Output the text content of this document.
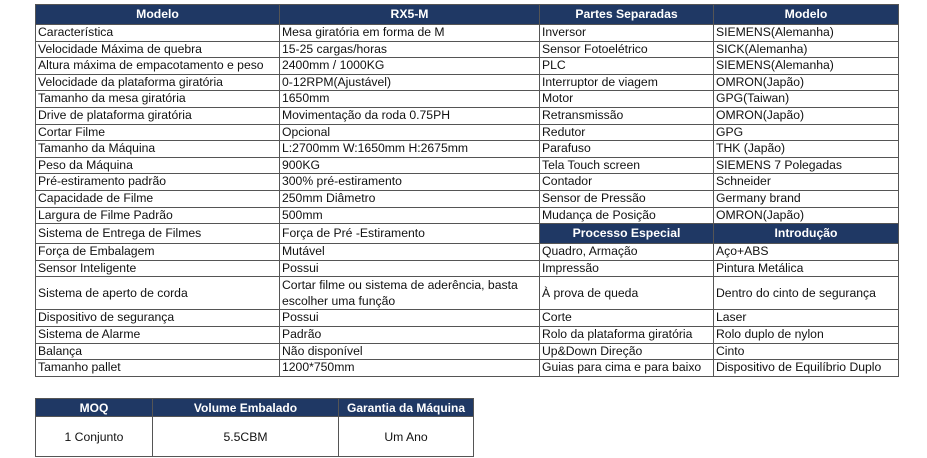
Modelo	RX5-M	Partes Separadas	Modelo
Característica	Mesa giratória em forma de M	Inversor	SIEMENS(Alemanha)
Velocidade Máxima de quebra	15-25 cargas/horas	Sensor Fotoelétrico	SICK(Alemanha)
Altura máxima de empacotamento e peso	2400mm / 1000KG	PLC	SIEMENS(Alemanha)
Velocidade da plataforma giratória	0-12RPM(Ajustável)	Interruptor de viagem	OMRON(Japão)
Tamanho da mesa giratória	1650mm	Motor	GPG(Taiwan)
Drive de plataforma giratória	Movimentação da roda 0.75PH	Retransmissão	OMRON(Japão)
Cortar Filme	Opcional	Redutor	GPG
Tamanho da Máquina	L:2700mm W:1650mm H:2675mm	Parafuso	THK (Japão)
Peso da Máquina	900KG	Tela Touch screen	SIEMENS 7 Polegadas
Pré-estiramento padrão	300% pré-estiramento	Contador	Schneider
Capacidade de Filme	250mm Diâmetro	Sensor de Pressão	Germany brand
Largura de Filme Padrão	500mm	Mudança de Posição	OMRON(Japão)
Sistema de Entrega de Filmes	Força de Pré -Estiramento	Processo Especial	Introdução
Força de Embalagem	Mutável	Quadro, Armação	Aço+ABS
Sensor Inteligente	Possui	Impressão	Pintura Metálica
Sistema de aperto de corda	Cortar filme ou sistema de aderência, basta escolher uma função	À prova de queda	Dentro do cinto de segurança
Dispositivo de segurança	Possui	Corte	Laser
Sistema de Alarme	Padrão	Rolo da plataforma giratória	Rolo duplo de nylon
Balança	Não disponível	Up&Down Direção	Cinto
Tamanho pallet	1200*750mm	Guias para cima e para baixo	Dispositivo de Equilíbrio Duplo
MOQ	Volume Embalado	Garantia da Máquina
1 Conjunto	5.5CBM	Um Ano
